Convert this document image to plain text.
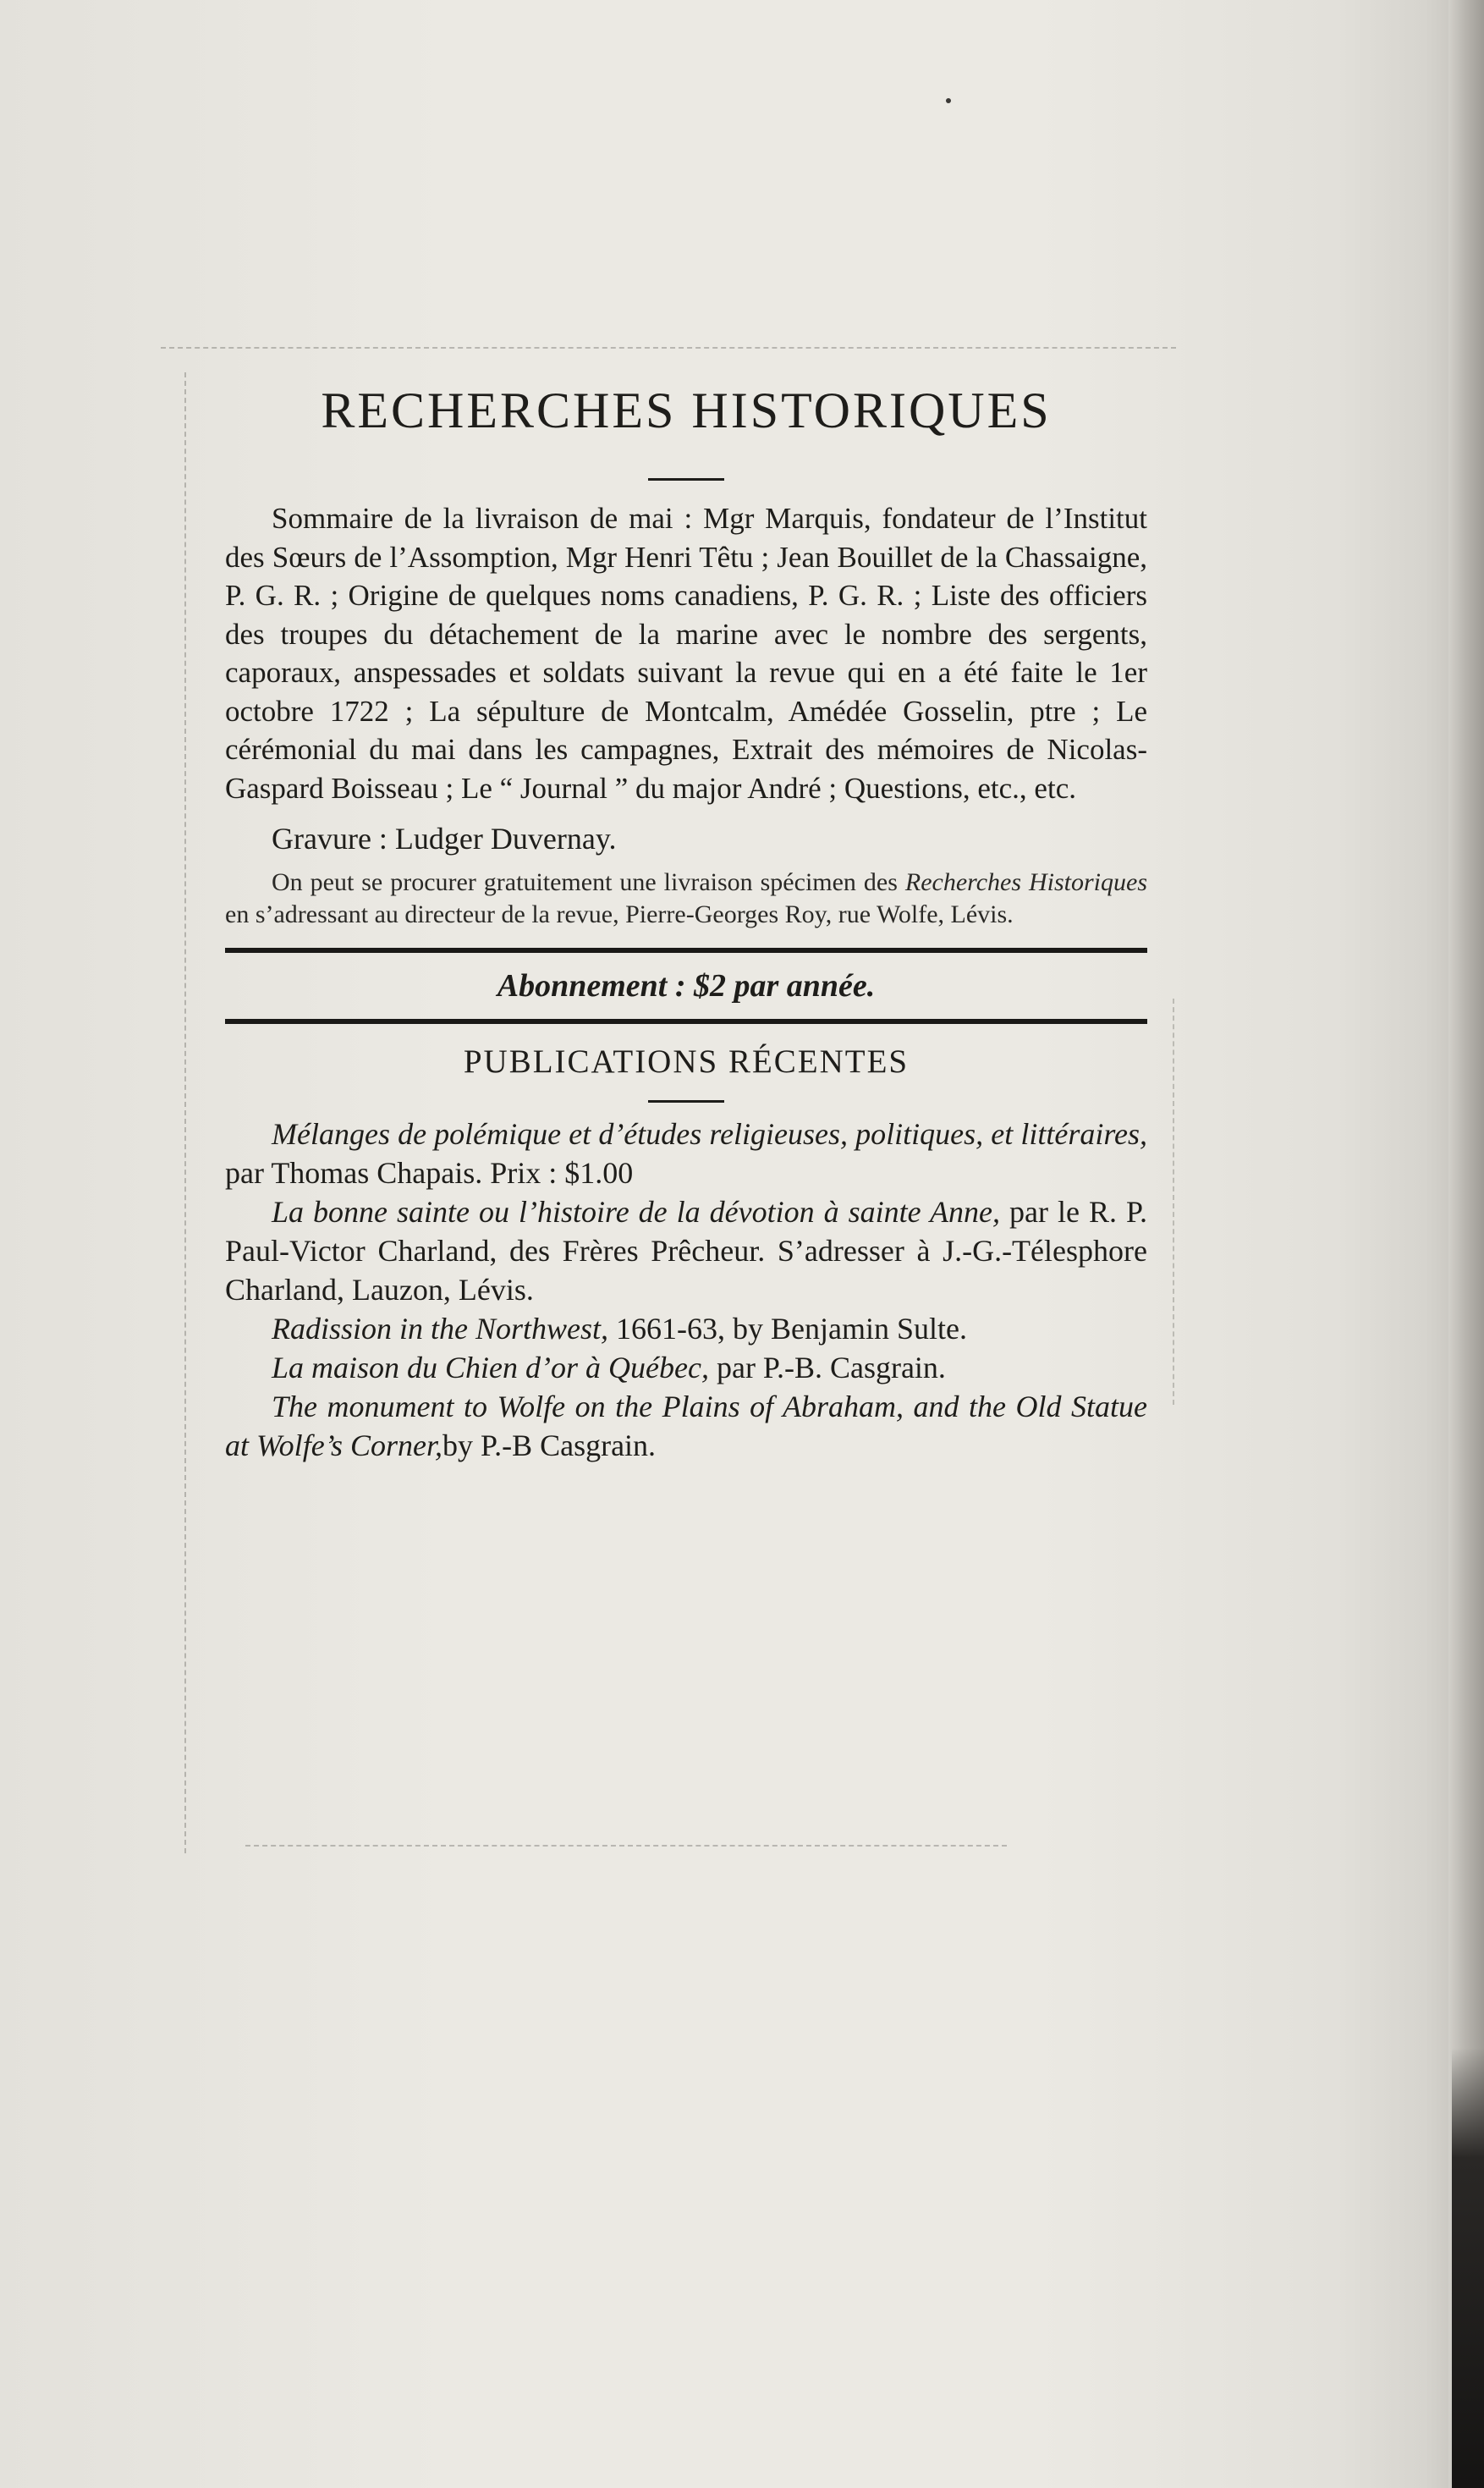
RECHERCHES HISTORIQUES

Sommaire de la livraison de mai : Mgr Marquis, fondateur de l’Institut des Sœurs de l’Assomption, Mgr Henri Têtu ; Jean Bouillet de la Chassaigne, P. G. R. ; Origine de quelques noms canadiens, P. G. R. ; Liste des officiers des troupes du détachement de la marine avec le nombre des sergents, caporaux, anspessades et soldats suivant la revue qui en a été faite le 1er octobre 1722 ; La sépulture de Montcalm, Amédée Gosselin, ptre ; Le cérémonial du mai dans les campagnes, Extrait des mémoires de Nicolas-Gaspard Boisseau ; Le “ Journal ” du major André ; Questions, etc., etc.

Gravure : Ludger Duvernay.

On peut se procurer gratuitement une livraison spécimen des Recherches Historiques en s’adressant au directeur de la revue, Pierre-Georges Roy, rue Wolfe, Lévis.

Abonnement : $2 par année.

PUBLICATIONS RÉCENTES

Mélanges de polémique et d’études religieuses, politiques, et littéraires, par Thomas Chapais. Prix : $1.00

La bonne sainte ou l’histoire de la dévotion à sainte Anne, par le R. P. Paul-Victor Charland, des Frères Prêcheur. S’adresser à J.-G.-Télesphore Charland, Lauzon, Lévis.

Radission in the Northwest, 1661-63, by Benjamin Sulte.

La maison du Chien d’or à Québec, par P.-B. Casgrain.

The monument to Wolfe on the Plains of Abraham, and the Old Statue at Wolfe’s Corner,by P.-B Casgrain.
